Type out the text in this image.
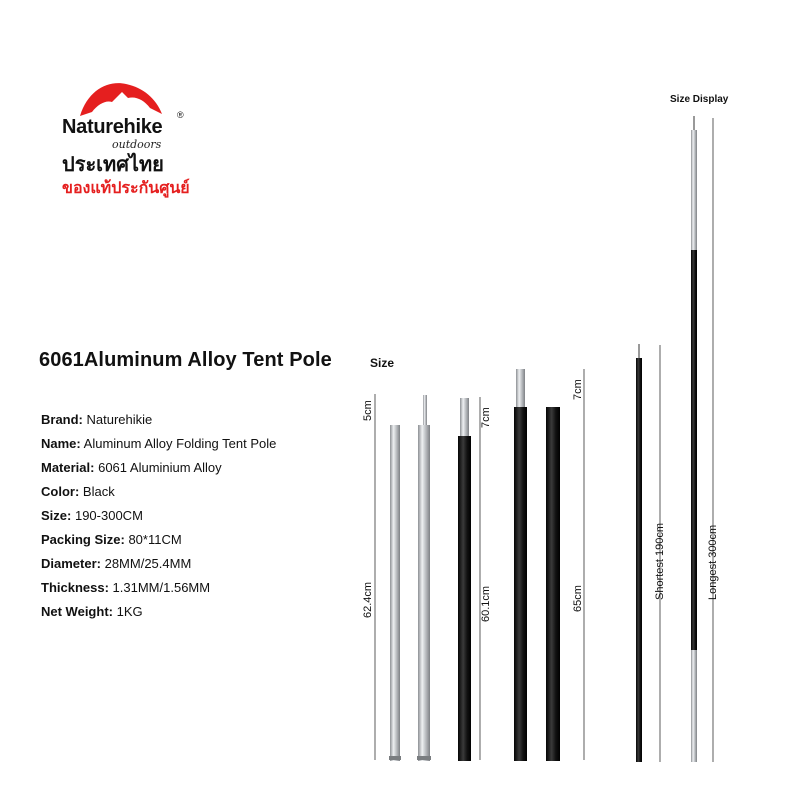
Naturehike
®
outdoors
ประเทศไทย
ของแท้ประกันศูนย์
Size Display
6061Aluminum Alloy Tent Pole	Size
Brand: Naturehikie
Name: Aluminum Alloy Folding Tent Pole
Material: 6061 Aluminium Alloy
Color: Black
Size: 190-300CM
Packing Size: 80*11CM
Diameter: 28MM/25.4MM
Thickness: 1.31MM/1.56MM
Net Weight: 1KG
5cm
62.4cm
7cm
60.1cm
7cm
65cm	Shortest 190cm	Longest 300cm
